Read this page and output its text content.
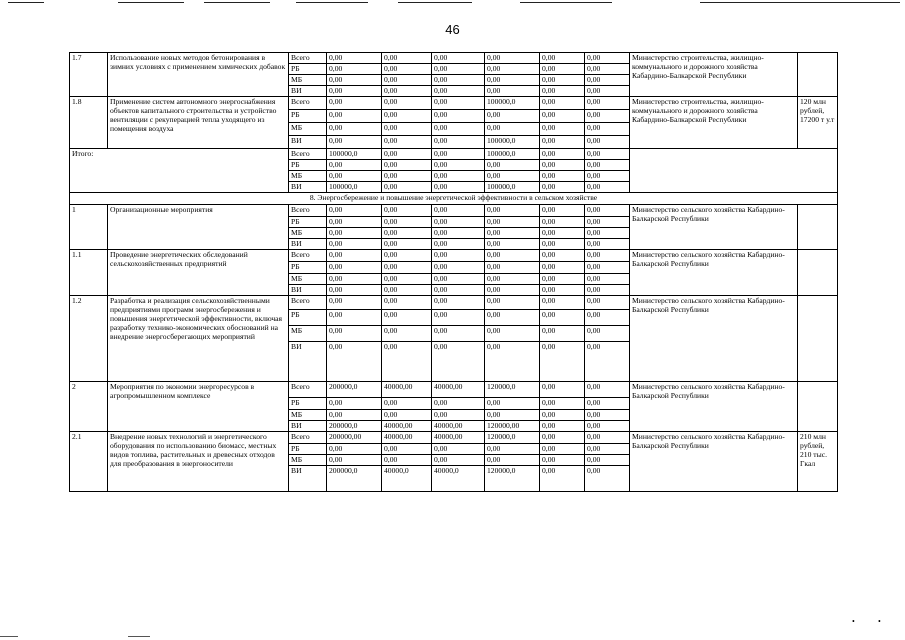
46
1.7	Использование новых методов бетонирования в зимних условиях с применением химических добавок	Всего	0,00	0,00	0,00	0,00	0,00	0,00	Министерство строительства, жилищно-коммунального и дорожного хозяйства Кабардино-Балкарской Республики	
		РБ	0,00	0,00	0,00	0,00	0,00	0,00		
		МБ	0,00	0,00	0,00	0,00	0,00	0,00		
		ВИ	0,00	0,00	0,00	0,00	0,00	0,00		
1.8	Применение систем автономного энергоснабжения объектов капитального строительства и устройство вентиляции с рекуперацией тепла уходящего из помещения воздуха	Всего	0,00	0,00	0,00	100000,0	0,00	0,00	Министерство строительства, жилищно-коммунального и дорожного хозяйства Кабардино-Балкарской Республики	120 млн рублей, 17200 т у.т
		РБ	0,00	0,00	0,00	0,00	0,00	0,00		
		МБ	0,00	0,00	0,00	0,00	0,00	0,00		
		ВИ	0,00	0,00	0,00	100000,0	0,00	0,00		
Итого:		Всего	100000,0	0,00	0,00	100000,0	0,00	0,00		
		РБ	0,00	0,00	0,00	0,00	0,00	0,00		
		МБ	0,00	0,00	0,00	0,00	0,00	0,00		
		ВИ	100000,0	0,00	0,00	100000,0	0,00	0,00		
8. Энергосбережение и повышение энергетической эффективности в сельском хозяйстве										
1	Организационные мероприятия	Всего	0,00	0,00	0,00	0,00	0,00	0,00	Министерство сельского хозяйства Кабардино-Балкарской Республики	
		РБ	0,00	0,00	0,00	0,00	0,00	0,00		
		МБ	0,00	0,00	0,00	0,00	0,00	0,00		
		ВИ	0,00	0,00	0,00	0,00	0,00	0,00		
1.1	Проведение энергетических обследований сельскохозяйственных предприятий	Всего	0,00	0,00	0,00	0,00	0,00	0,00	Министерство сельского хозяйства Кабардино-Балкарской Республики	
		РБ	0,00	0,00	0,00	0,00	0,00	0,00		
		МБ	0,00	0,00	0,00	0,00	0,00	0,00		
		ВИ	0,00	0,00	0,00	0,00	0,00	0,00		
1.2	Разработка и реализация сельскохозяйственными предприятиями программ энергосбережения и повышения энергетической эффективности, включая разработку технико-экономических обоснований на внедрение энергосберегающих мероприятий	Всего	0,00	0,00	0,00	0,00	0,00	0,00	Министерство сельского хозяйства Кабардино-Балкарской Республики	
		РБ	0,00	0,00	0,00	0,00	0,00	0,00		
		МБ	0,00	0,00	0,00	0,00	0,00	0,00		
		ВИ	0,00	0,00	0,00	0,00	0,00	0,00		
2	Мероприятия по экономии энергоресурсов в агропромышленном комплексе	Всего	200000,0	40000,00	40000,00	120000,0	0,00	0,00	Министерство сельского хозяйства Кабардино-Балкарской Республики	
		РБ	0,00	0,00	0,00	0,00	0,00	0,00		
		МБ	0,00	0,00	0,00	0,00	0,00	0,00		
		ВИ	200000,0	40000,00	40000,00	120000,00	0,00	0,00		
2.1	Внедрение новых технологий и энергетического оборудования по использованию биомасс, местных видов топлива, растительных и древесных отходов для преобразования в энергоносители	Всего	200000,00	40000,00	40000,00	120000,0	0,00	0,00	Министерство сельского хозяйства Кабардино-Балкарской Республики	210 млн рублей, 210 тыс. Гкал
		РБ	0,00	0,00	0,00	0,00	0,00	0,00		
		МБ	0,00	0,00	0,00	0,00	0,00	0,00		
		ВИ	200000,0	40000,0	40000,0	120000,0	0,00	0,00		
•	•
